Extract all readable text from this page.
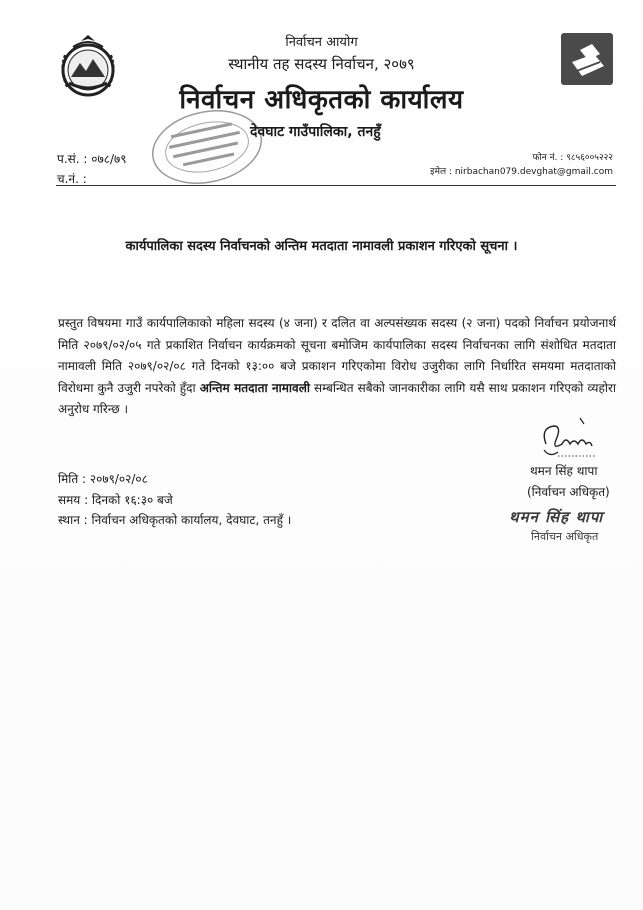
निर्वाचन आयोग
स्थानीय तह सदस्य निर्वाचन, २०७९
निर्वाचन अधिकृतको कार्यालय
देवघाट गाउँपालिका, तनहुँ
प.सं. : ०७८/७९
च.नं. :
फोन नं. : ९८५६००५२२२
इमेल : nirbachan079.devghat@gmail.com
कार्यपालिका सदस्य निर्वाचनको अन्तिम मतदाता नामावली प्रकाशन गरिएको सूचना ।
प्रस्तुत विषयमा गाउँ कार्यपालिकाको महिला सदस्य (४ जना) र दलित वा अल्पसंख्यक सदस्य (२ जना) पदको निर्वाचन प्रयोजनार्थ मिति २०७९/०२/०५ गते प्रकाशित निर्वाचन कार्यक्रमको सूचना बमोजिम कार्यपालिका सदस्य निर्वाचनका लागि संशोधित मतदाता नामावली मिति २०७९/०२/०८ गते दिनको १३:०० बजे प्रकाशन गरिएकोमा विरोध उजुरीका लागि निर्धारित समयमा मतदाताको विरोधमा कुनै उजुरी नपरेको हुँदा अन्तिम मतदाता नामावली सम्बन्धित सबैको जानकारीका लागि यसै साथ प्रकाशन गरिएको व्यहोरा अनुरोध गरिन्छ ।
थमन सिंह थापा
(निर्वाचन अधिकृत)
मिति : २०७९/०२/०८
समय : दिनको १६:३० बजे
स्थान : निर्वाचन अधिकृतको कार्यालय, देवघाट, तनहुँ ।	थमन सिंह थापा
निर्वाचन अधिकृत
